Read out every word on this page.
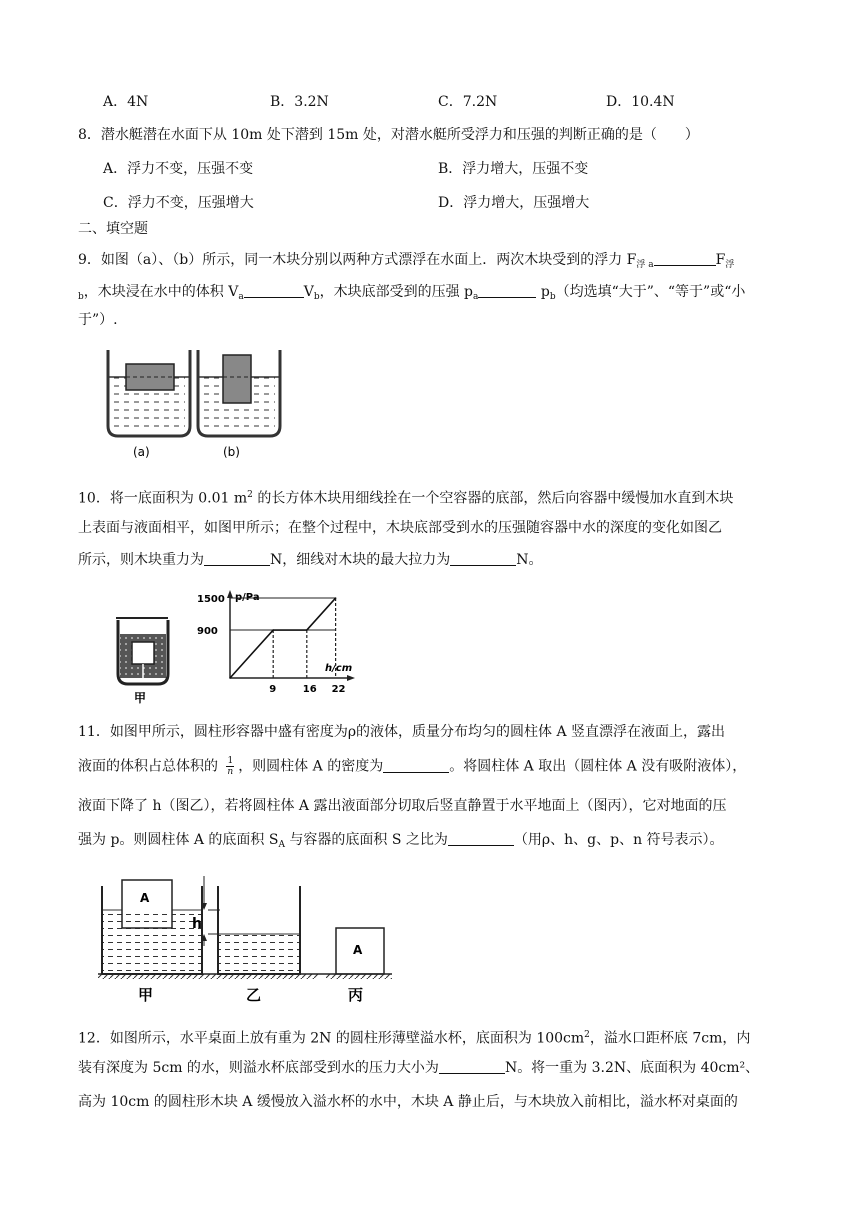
A．4N	B．3.2N	C．7.2N	D．10.4N
8．潜水艇潜在水面下从 10m 处下潜到 15m 处，对潜水艇所受浮力和压强的判断正确的是（　　）
A．浮力不变，压强不变	B．浮力增大，压强不变
C．浮力不变，压强增大	D．浮力增大，压强增大
二、填空题
9．如图（a）、（b）所示，同一木块分别以两种方式漂浮在水面上．两次木块受到的浮力 $F_{浮 a}$	$F_浮$
$_b$，木块浸在水中的体积 $V_a$	$V_b$，木块底部受到的压强 $p_a$	$p_b$（均选填“大于”、“等于”或“小
于”）.
(a)	(b)
10．将一底面积为 0.01 $m^2$ 的长方体木块用细线拴在一个空容器的底部，然后向容器中缓慢加水直到木块
上表面与液面相平，如图甲所示；在整个过程中，木块底部受到水的压强随容器中水的深度的变化如图乙
所示，则木块重力为	N，细线对木块的最大拉力为	N。
甲
p/Pa
h/cm
1500
900
9	16 22
11．如图甲所示，圆柱形容器中盛有密度为ρ的液体，质量分布均匀的圆柱体 A 竖直漂浮在液面上，露出
液面的体积占总体积的 $\frac{1}{n}$ ，则圆柱体 A 的密度为	。将圆柱体 A 取出（圆柱体 A 没有吸附液体），
液面下降了 h（图乙），若将圆柱体 A 露出液面部分切取后竖直静置于水平地面上（图丙），它对地面的压
强为 p。则圆柱体 A 的底面积 $S_A$ 与容器的底面积 S 之比为	（用ρ、h、g、p、n 符号表示）。
A
h
A
甲	乙	丙
12．如图所示，水平桌面上放有重为 2N 的圆柱形薄壁溢水杯，底面积为 $100cm^2$，溢水口距杯底 7cm，内
装有深度为 5cm 的水，则溢水杯底部受到水的压力大小为	N。将一重为 3.2N、底面积为 40cm²、
高为 10cm 的圆柱形木块 A 缓慢放入溢水杯的水中，木块 A 静止后，与木块放入前相比，溢水杯对桌面的
